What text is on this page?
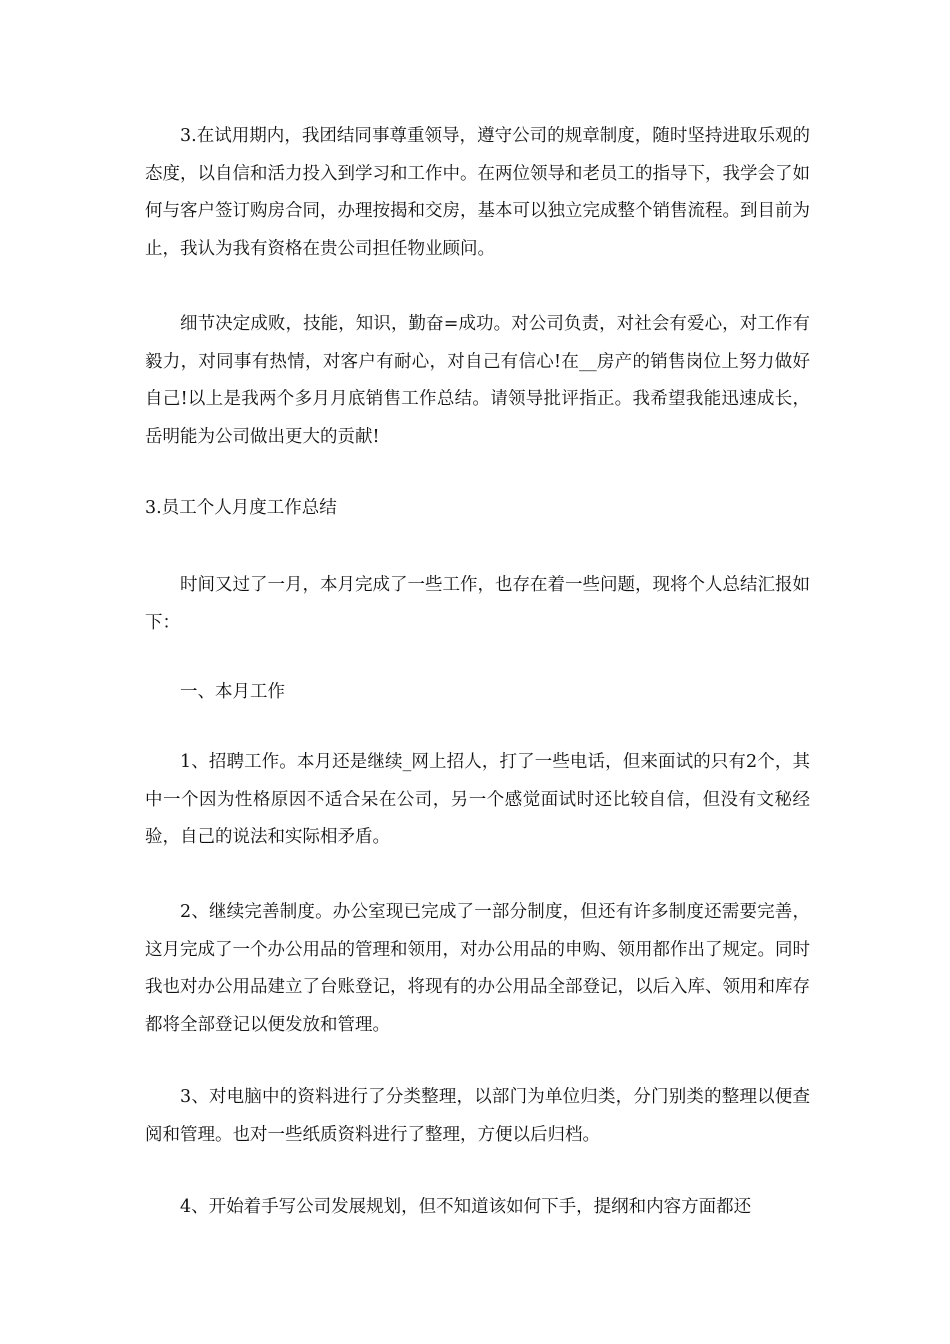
3.在试用期内，我团结同事尊重领导，遵守公司的规章制度，随时坚持进取乐观的态度，以自信和活力投入到学习和工作中。在两位领导和老员工的指导下，我学会了如何与客户签订购房合同，办理按揭和交房，基本可以独立完成整个销售流程。到目前为止，我认为我有资格在贵公司担任物业顾问。

细节决定成败，技能，知识，勤奋=成功。对公司负责，对社会有爱心，对工作有毅力，对同事有热情，对客户有耐心，对自己有信心!在__房产的销售岗位上努力做好自己!以上是我两个多月月底销售工作总结。请领导批评指正。我希望我能迅速成长，岳明能为公司做出更大的贡献!

3.员工个人月度工作总结

时间又过了一月，本月完成了一些工作，也存在着一些问题，现将个人总结汇报如下：

一、本月工作

1、招聘工作。本月还是继续_网上招人，打了一些电话，但来面试的只有2个，其中一个因为性格原因不适合呆在公司，另一个感觉面试时还比较自信，但没有文秘经验，自己的说法和实际相矛盾。

2、继续完善制度。办公室现已完成了一部分制度，但还有许多制度还需要完善，这月完成了一个办公用品的管理和领用，对办公用品的申购、领用都作出了规定。同时我也对办公用品建立了台账登记，将现有的办公用品全部登记，以后入库、领用和库存都将全部登记以便发放和管理。

3、对电脑中的资料进行了分类整理，以部门为单位归类，分门别类的整理以便查阅和管理。也对一些纸质资料进行了整理，方便以后归档。

4、开始着手写公司发展规划，但不知道该如何下手，提纲和内容方面都还
